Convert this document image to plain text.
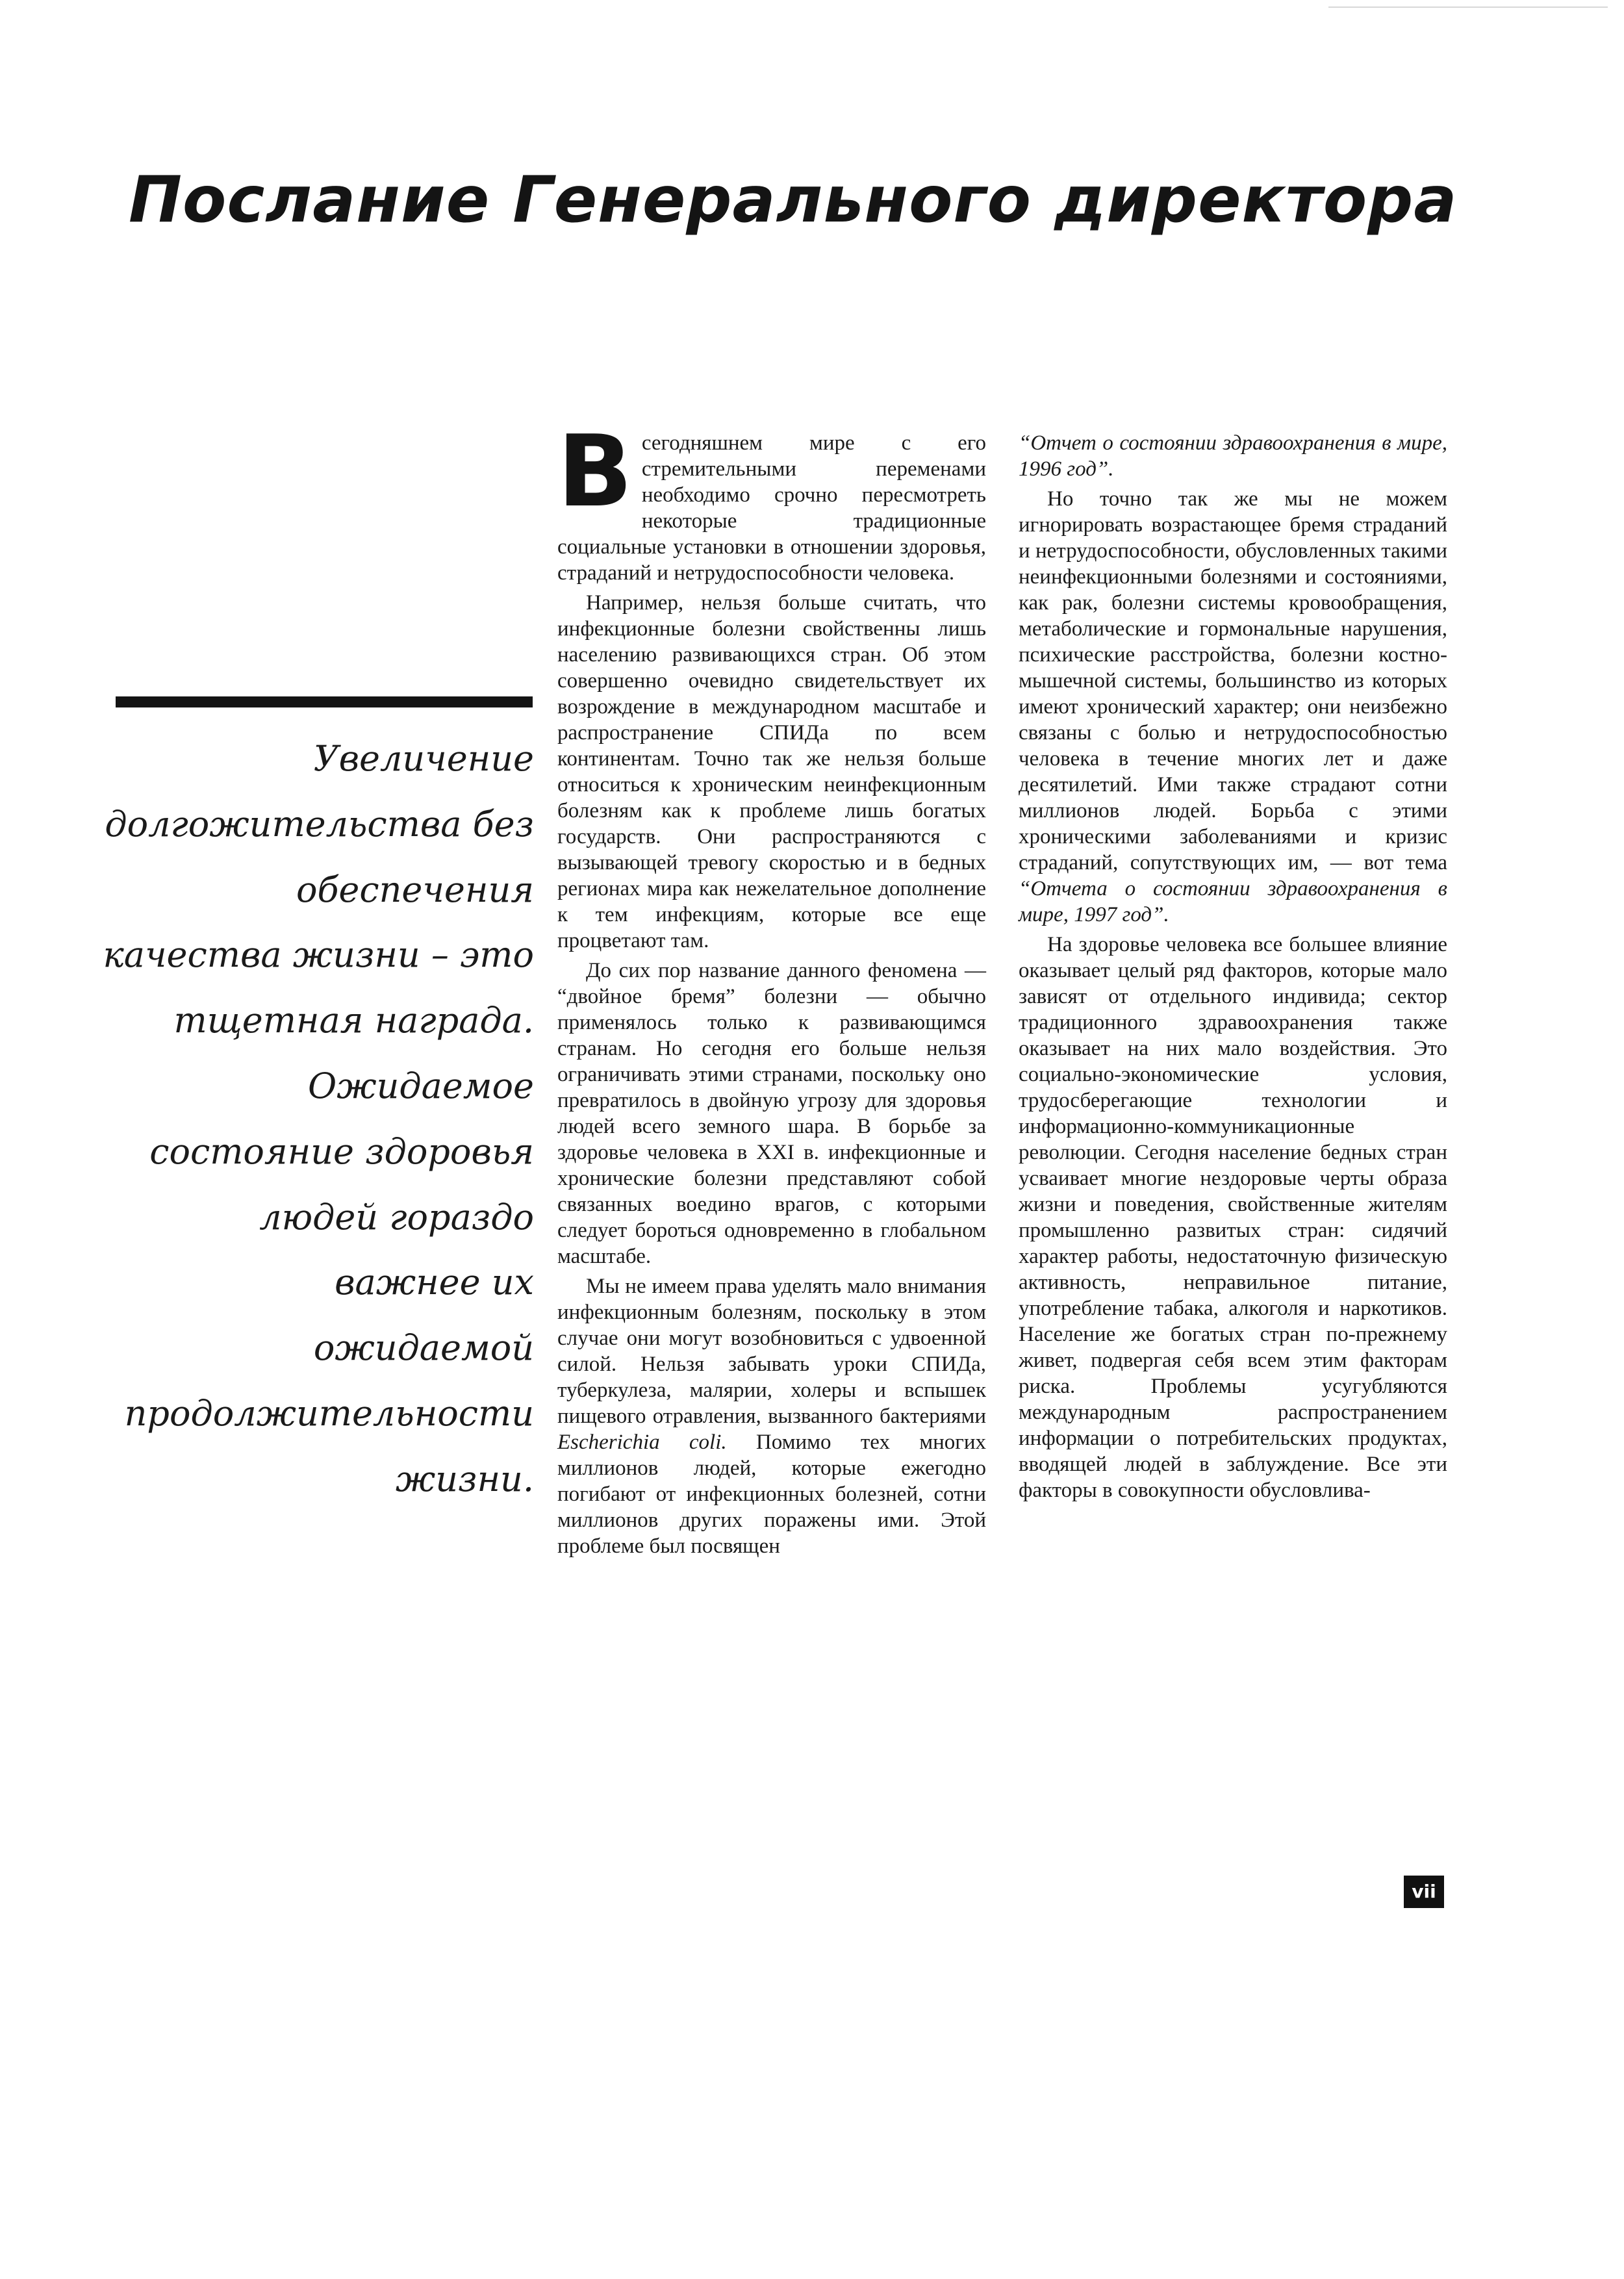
Послание Генерального директора
Увеличение
долгожительства без
обеспечения
качества жизни – это
тщетная награда.
Ожидаемое
состояние здоровья
людей гораздо
важнее их
ожидаемой
продолжительности
жизни.

Всегодняшнем мире с его стремительными переменами необходимо срочно пересмотреть некоторые традиционные социальные установки в отношении здоровья, страданий и нетрудоспособности человека.

Например, нельзя больше считать, что инфекционные болезни свойственны лишь населению развивающихся стран. Об этом совершенно очевидно свидетельствует их возрождение в международном масштабе и распространение СПИДа по всем континентам. Точно так же нельзя больше относиться к хроническим неинфекционным болезням как к проблеме лишь богатых государств. Они распространяются с вызывающей тревогу скоростью и в бедных регионах мира как нежелательное дополнение к тем инфекциям, которые все еще процветают там.

До сих пор название данного феномена — “двойное бремя” болезни — обычно применялось только к развивающимся странам. Но сегодня его больше нельзя ограничивать этими странами, поскольку оно превратилось в двойную угрозу для здоровья людей всего земного шара. В борьбе за здоровье человека в XXI в. инфекционные и хронические болезни представляют собой связанных воедино врагов, с которыми следует бороться одновременно в глобальном масштабе.

Мы не имеем права уделять мало внимания инфекционным болезням, поскольку в этом случае они могут возобновиться с удвоенной силой. Нельзя забывать уроки СПИДа, туберкулеза, малярии, холеры и вспышек пищевого отравления, вызванного бактериями Escherichia coli. Помимо тех многих миллионов людей, которые ежегодно погибают от инфекционных болезней, сотни миллионов других поражены ими. Этой проблеме был посвящен

“Отчет о состоянии здравоохранения в мире, 1996 год”.

Но точно так же мы не можем игнорировать возрастающее бремя страданий и нетрудоспособности, обусловленных такими неинфекционными болезнями и состояниями, как рак, болезни системы кровообращения, метаболические и гормональные нарушения, психические расстройства, болезни костно-мышечной системы, большинство из которых имеют хронический характер; они неизбежно связаны с болью и нетрудоспособностью человека в течение многих лет и даже десятилетий. Ими также страдают сотни миллионов людей. Борьба с этими хроническими заболеваниями и кризис страданий, сопутствующих им, — вот тема “Отчета о состоянии здравоохранения в мире, 1997 год”.

На здоровье человека все большее влияние оказывает целый ряд факторов, которые мало зависят от отдельного индивида; сектор традиционного здравоохранения также оказывает на них мало воздействия. Это социально-экономические условия, трудосберегающие технологии и информационно-коммуникационные революции. Сегодня население бедных стран усваивает многие нездоровые черты образа жизни и поведения, свойственные жителям промышленно развитых стран: сидячий характер работы, недостаточную физическую активность, неправильное питание, употребление табака, алкоголя и наркотиков. Население же богатых стран по-прежнему живет, подвергая себя всем этим факторам риска. Проблемы усугубляются международным распространением информации о потребительских продуктах, вводящей людей в заблуждение. Все эти факторы в совокупности обусловлива-

vii
